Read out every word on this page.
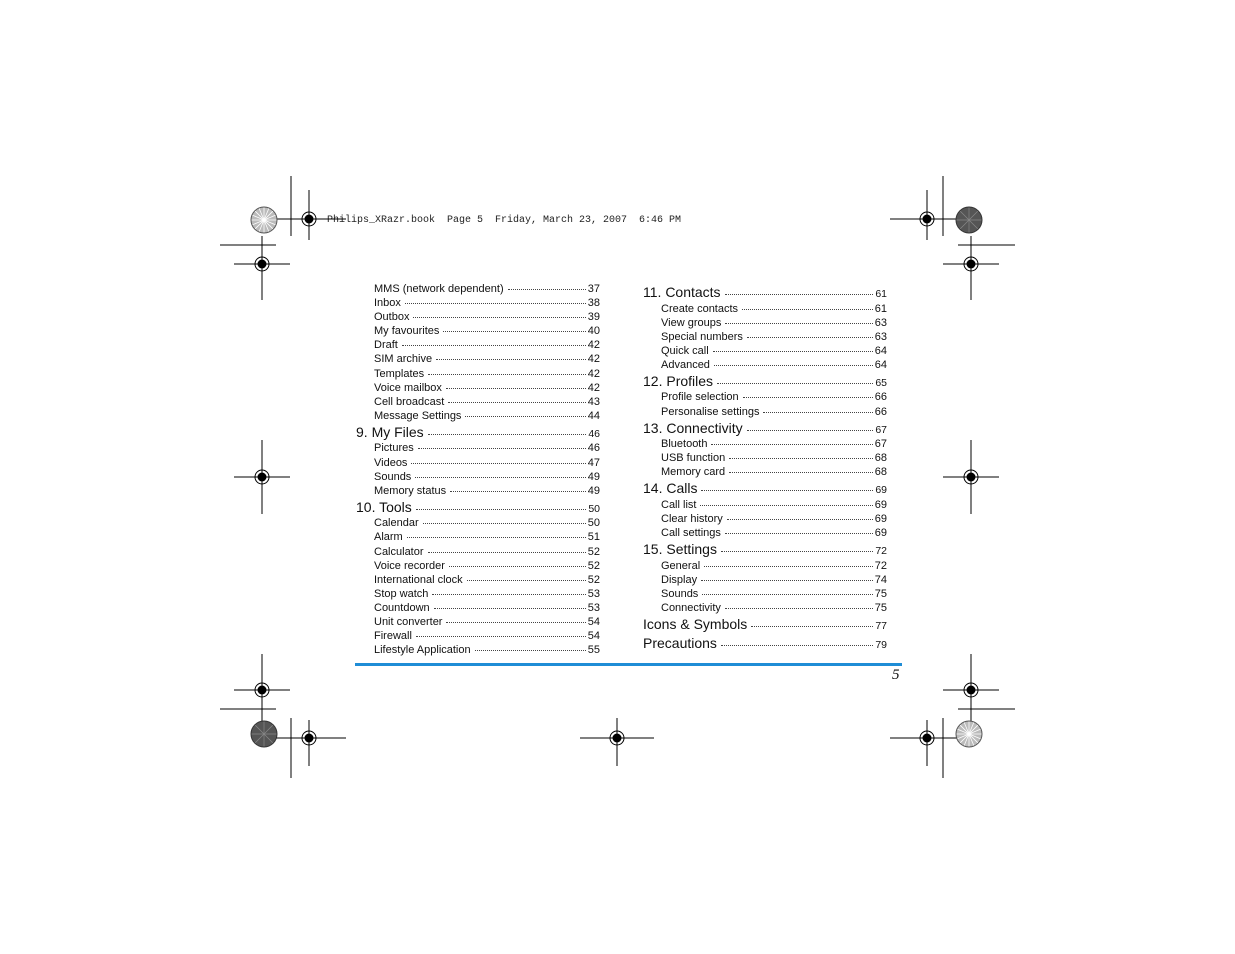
Philips_XRazr.book  Page 5  Friday, March 23, 2007  6:46 PM
MMS (network dependent)	37
Inbox	38
Outbox	39
My favourites	40
Draft	42
SIM archive	42
Templates	42
Voice mailbox	42
Cell broadcast	43
Message Settings	44
9. My Files	46
Pictures	46
Videos	47
Sounds	49
Memory status	49
10. Tools	50
Calendar	50
Alarm	51
Calculator	52
Voice recorder	52
International clock	52
Stop watch	53
Countdown	53
Unit converter	54
Firewall	54
Lifestyle Application	55
11. Contacts	61
Create contacts	61
View groups	63
Special numbers	63
Quick call	64
Advanced	64
12. Profiles	65
Profile selection	66
Personalise settings	66
13. Connectivity	67
Bluetooth	67
USB function	68
Memory card	68
14. Calls	69
Call list	69
Clear history	69
Call settings	69
15. Settings	72
General	72
Display	74
Sounds	75
Connectivity	75
Icons & Symbols	77
Precautions	79
5
